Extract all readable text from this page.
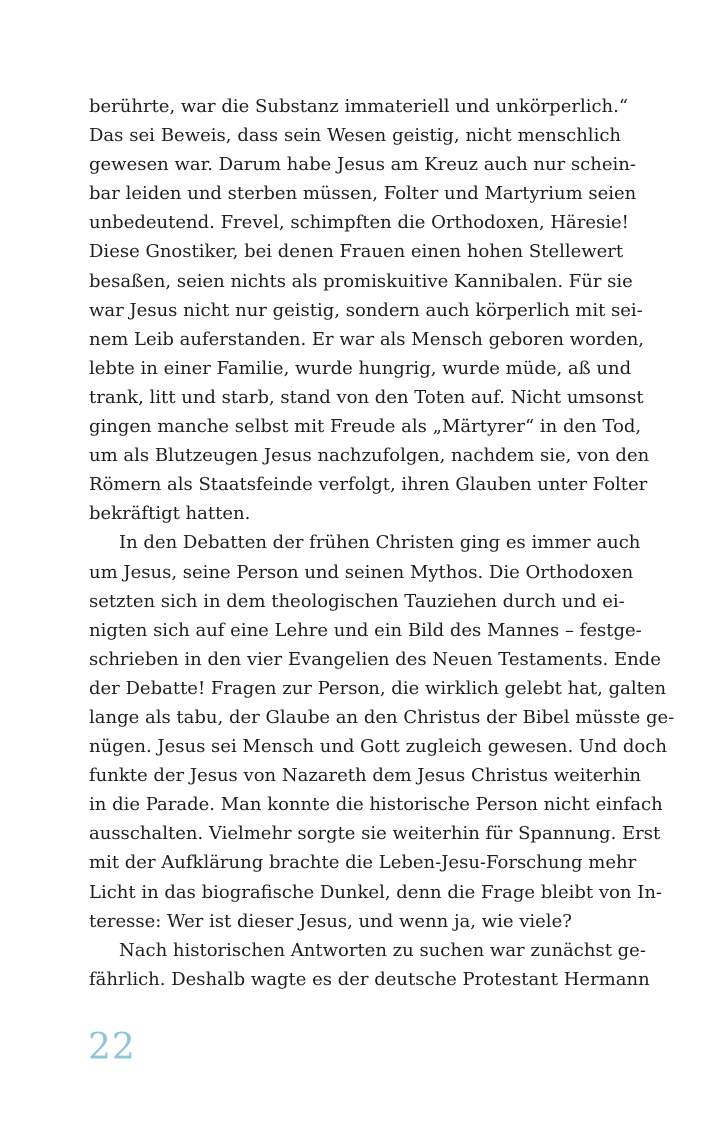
berührte, war die Substanz immateriell und unkörperlich.“
Das sei Beweis, dass sein Wesen geistig, nicht menschlich
gewesen war. Darum habe Jesus am Kreuz auch nur schein-
bar leiden und sterben müssen, Folter und Martyrium seien
unbedeutend. Frevel, schimpften die Orthodoxen, Häresie!
Diese Gnostiker, bei denen Frauen einen hohen Stellewert
besaßen, seien nichts als promiskuitive Kannibalen. Für sie
war Jesus nicht nur geistig, sondern auch körperlich mit sei-
nem Leib auferstanden. Er war als Mensch geboren worden,
lebte in einer Familie, wurde hungrig, wurde müde, aß und
trank, litt und starb, stand von den Toten auf. Nicht umsonst
gingen manche selbst mit Freude als „Märtyrer“ in den Tod,
um als Blutzeugen Jesus nachzufolgen, nachdem sie, von den
Römern als Staatsfeinde verfolgt, ihren Glauben unter Folter
bekräftigt hatten.
In den Debatten der frühen Christen ging es immer auch
um Jesus, seine Person und seinen Mythos. Die Orthodoxen
setzten sich in dem theologischen Tauziehen durch und ei-
nigten sich auf eine Lehre und ein Bild des Mannes – festge-
schrieben in den vier Evangelien des Neuen Testaments. Ende
der Debatte! Fragen zur Person, die wirklich gelebt hat, galten
lange als tabu, der Glaube an den Christus der Bibel müsste ge-
nügen. Jesus sei Mensch und Gott zugleich gewesen. Und doch
funkte der Jesus von Nazareth dem Jesus Christus weiterhin
in die Parade. Man konnte die historische Person nicht einfach
ausschalten. Vielmehr sorgte sie weiterhin für Spannung. Erst
mit der Aufklärung brachte die Leben-Jesu-Forschung mehr
Licht in das biografische Dunkel, denn die Frage bleibt von In-
teresse: Wer ist dieser Jesus, und wenn ja, wie viele?
Nach historischen Antworten zu suchen war zunächst ge-
fährlich. Deshalb wagte es der deutsche Protestant Hermann
22
